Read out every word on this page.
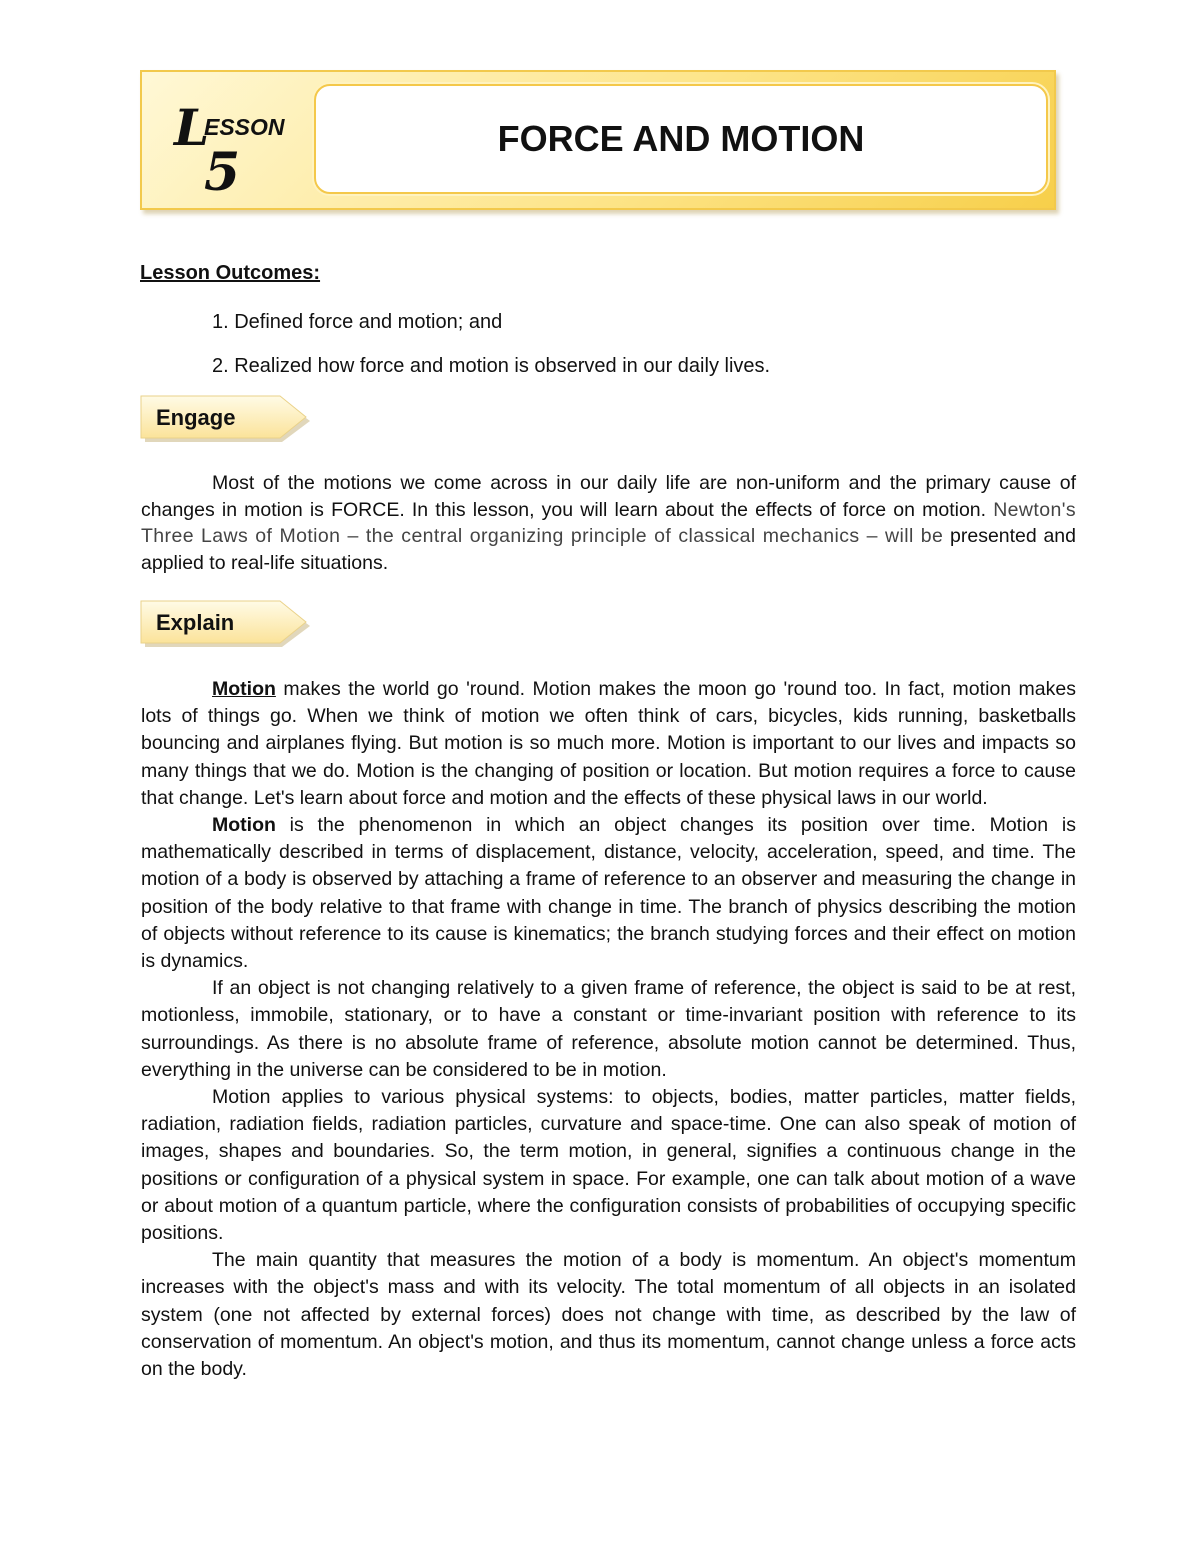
L
ESSON
5
FORCE AND MOTION
Lesson Outcomes:
1. Defined force and motion; and
2. Realized how force and motion is observed in our daily lives.
Engage

Most of the motions we come across in our daily life are non-uniform and the primary cause of changes in motion is FORCE. In this lesson, you will learn about the effects of force on motion. Newton's Three Laws of Motion – the central organizing principle of classical mechanics – will be presented and applied to real-life situations.

Explain

Motion makes the world go 'round. Motion makes the moon go 'round too. In fact, motion makes lots of things go. When we think of motion we often think of cars, bicycles, kids running, basketballs bouncing and airplanes flying. But motion is so much more. Motion is important to our lives and impacts so many things that we do. Motion is the changing of position or location. But motion requires a force to cause that change. Let's learn about force and motion and the effects of these physical laws in our world.

Motion is the phenomenon in which an object changes its position over time. Motion is mathematically described in terms of displacement, distance, velocity, acceleration, speed, and time. The motion of a body is observed by attaching a frame of reference to an observer and measuring the change in position of the body relative to that frame with change in time. The branch of physics describing the motion of objects without reference to its cause is kinematics; the branch studying forces and their effect on motion is dynamics.

If an object is not changing relatively to a given frame of reference, the object is said to be at rest, motionless, immobile, stationary, or to have a constant or time-invariant position with reference to its surroundings. As there is no absolute frame of reference, absolute motion cannot be determined. Thus, everything in the universe can be considered to be in motion.

Motion applies to various physical systems: to objects, bodies, matter particles, matter fields, radiation, radiation fields, radiation particles, curvature and space-time. One can also speak of motion of images, shapes and boundaries. So, the term motion, in general, signifies a continuous change in the positions or configuration of a physical system in space. For example, one can talk about motion of a wave or about motion of a quantum particle, where the configuration consists of probabilities of occupying specific positions.

The main quantity that measures the motion of a body is momentum. An object's momentum increases with the object's mass and with its velocity. The total momentum of all objects in an isolated system (one not affected by external forces) does not change with time, as described by the law of conservation of momentum. An object's motion, and thus its momentum, cannot change unless a force acts on the body.
